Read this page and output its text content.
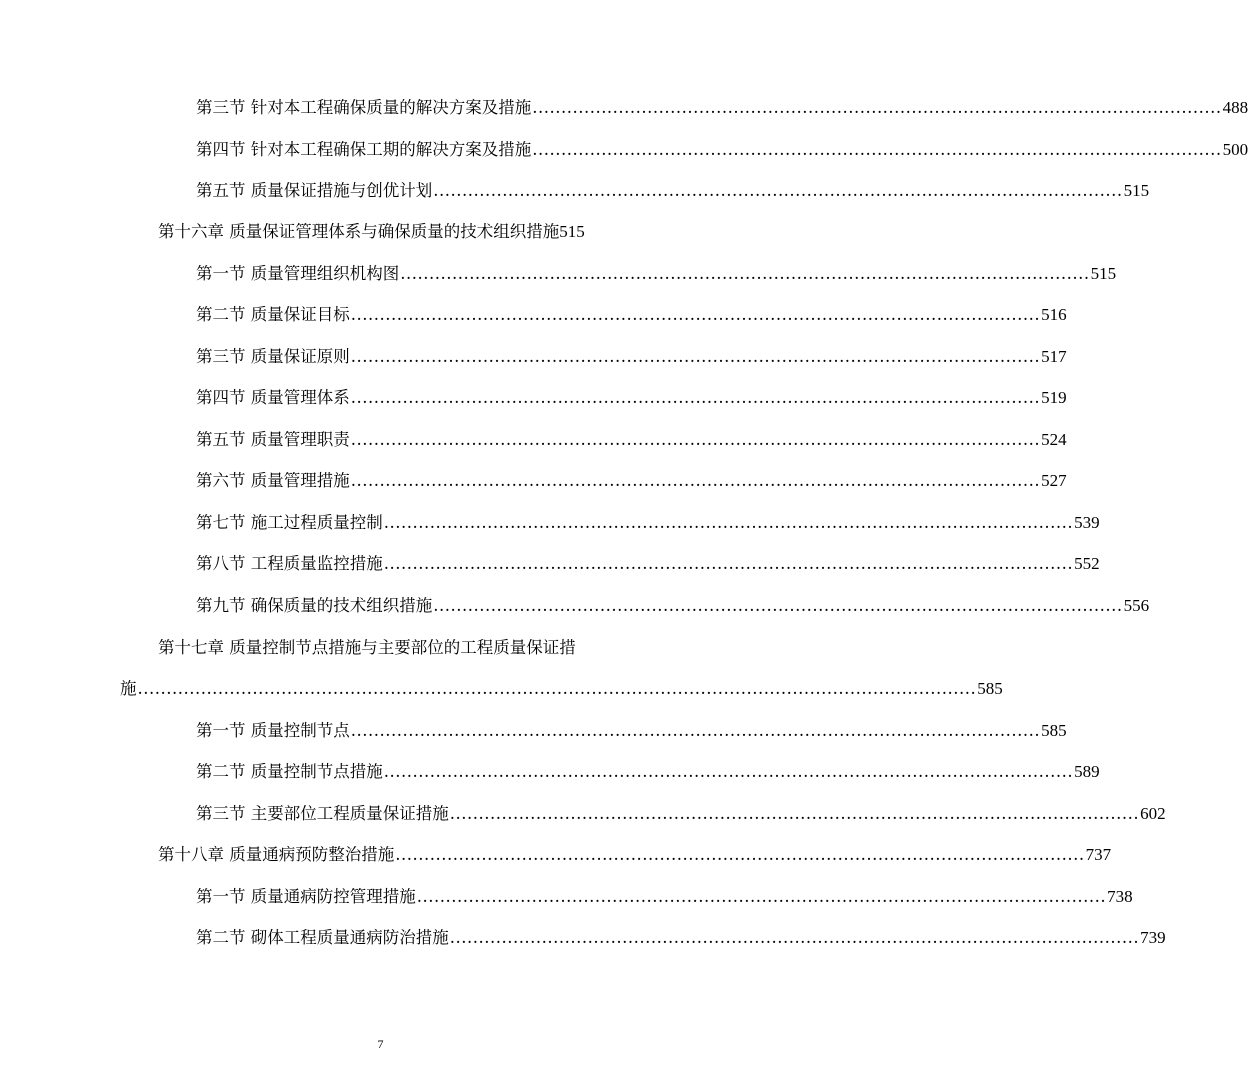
第三节 针对本工程确保质量的解决方案及措施 ........................................................................................................................ 488
第四节 针对本工程确保工期的解决方案及措施 ........................................................................................................................ 500
第五节 质量保证措施与创优计划 ........................................................................................................................ 515
第十六章 质量保证管理体系与确保质量的技术组织措施 515
第一节 质量管理组织机构图 ........................................................................................................................ 515
第二节 质量保证目标 ........................................................................................................................ 516
第三节 质量保证原则 ........................................................................................................................ 517
第四节 质量管理体系 ........................................................................................................................ 519
第五节 质量管理职责 ........................................................................................................................ 524
第六节 质量管理措施 ........................................................................................................................ 527
第七节 施工过程质量控制 ........................................................................................................................ 539
第八节 工程质量监控措施 ........................................................................................................................ 552
第九节 确保质量的技术组织措施 ........................................................................................................................ 556
第十七章 质量控制节点措施与主要部位的工程质量保证措
施 .................................................................................................................................................. 585
第一节 质量控制节点 ........................................................................................................................ 585
第二节 质量控制节点措施 ........................................................................................................................ 589
第三节 主要部位工程质量保证措施 ........................................................................................................................ 602
第十八章 质量通病预防整治措施 ........................................................................................................................ 737
第一节 质量通病防控管理措施 ........................................................................................................................ 738
第二节 砌体工程质量通病防治措施 ........................................................................................................................ 739
7
